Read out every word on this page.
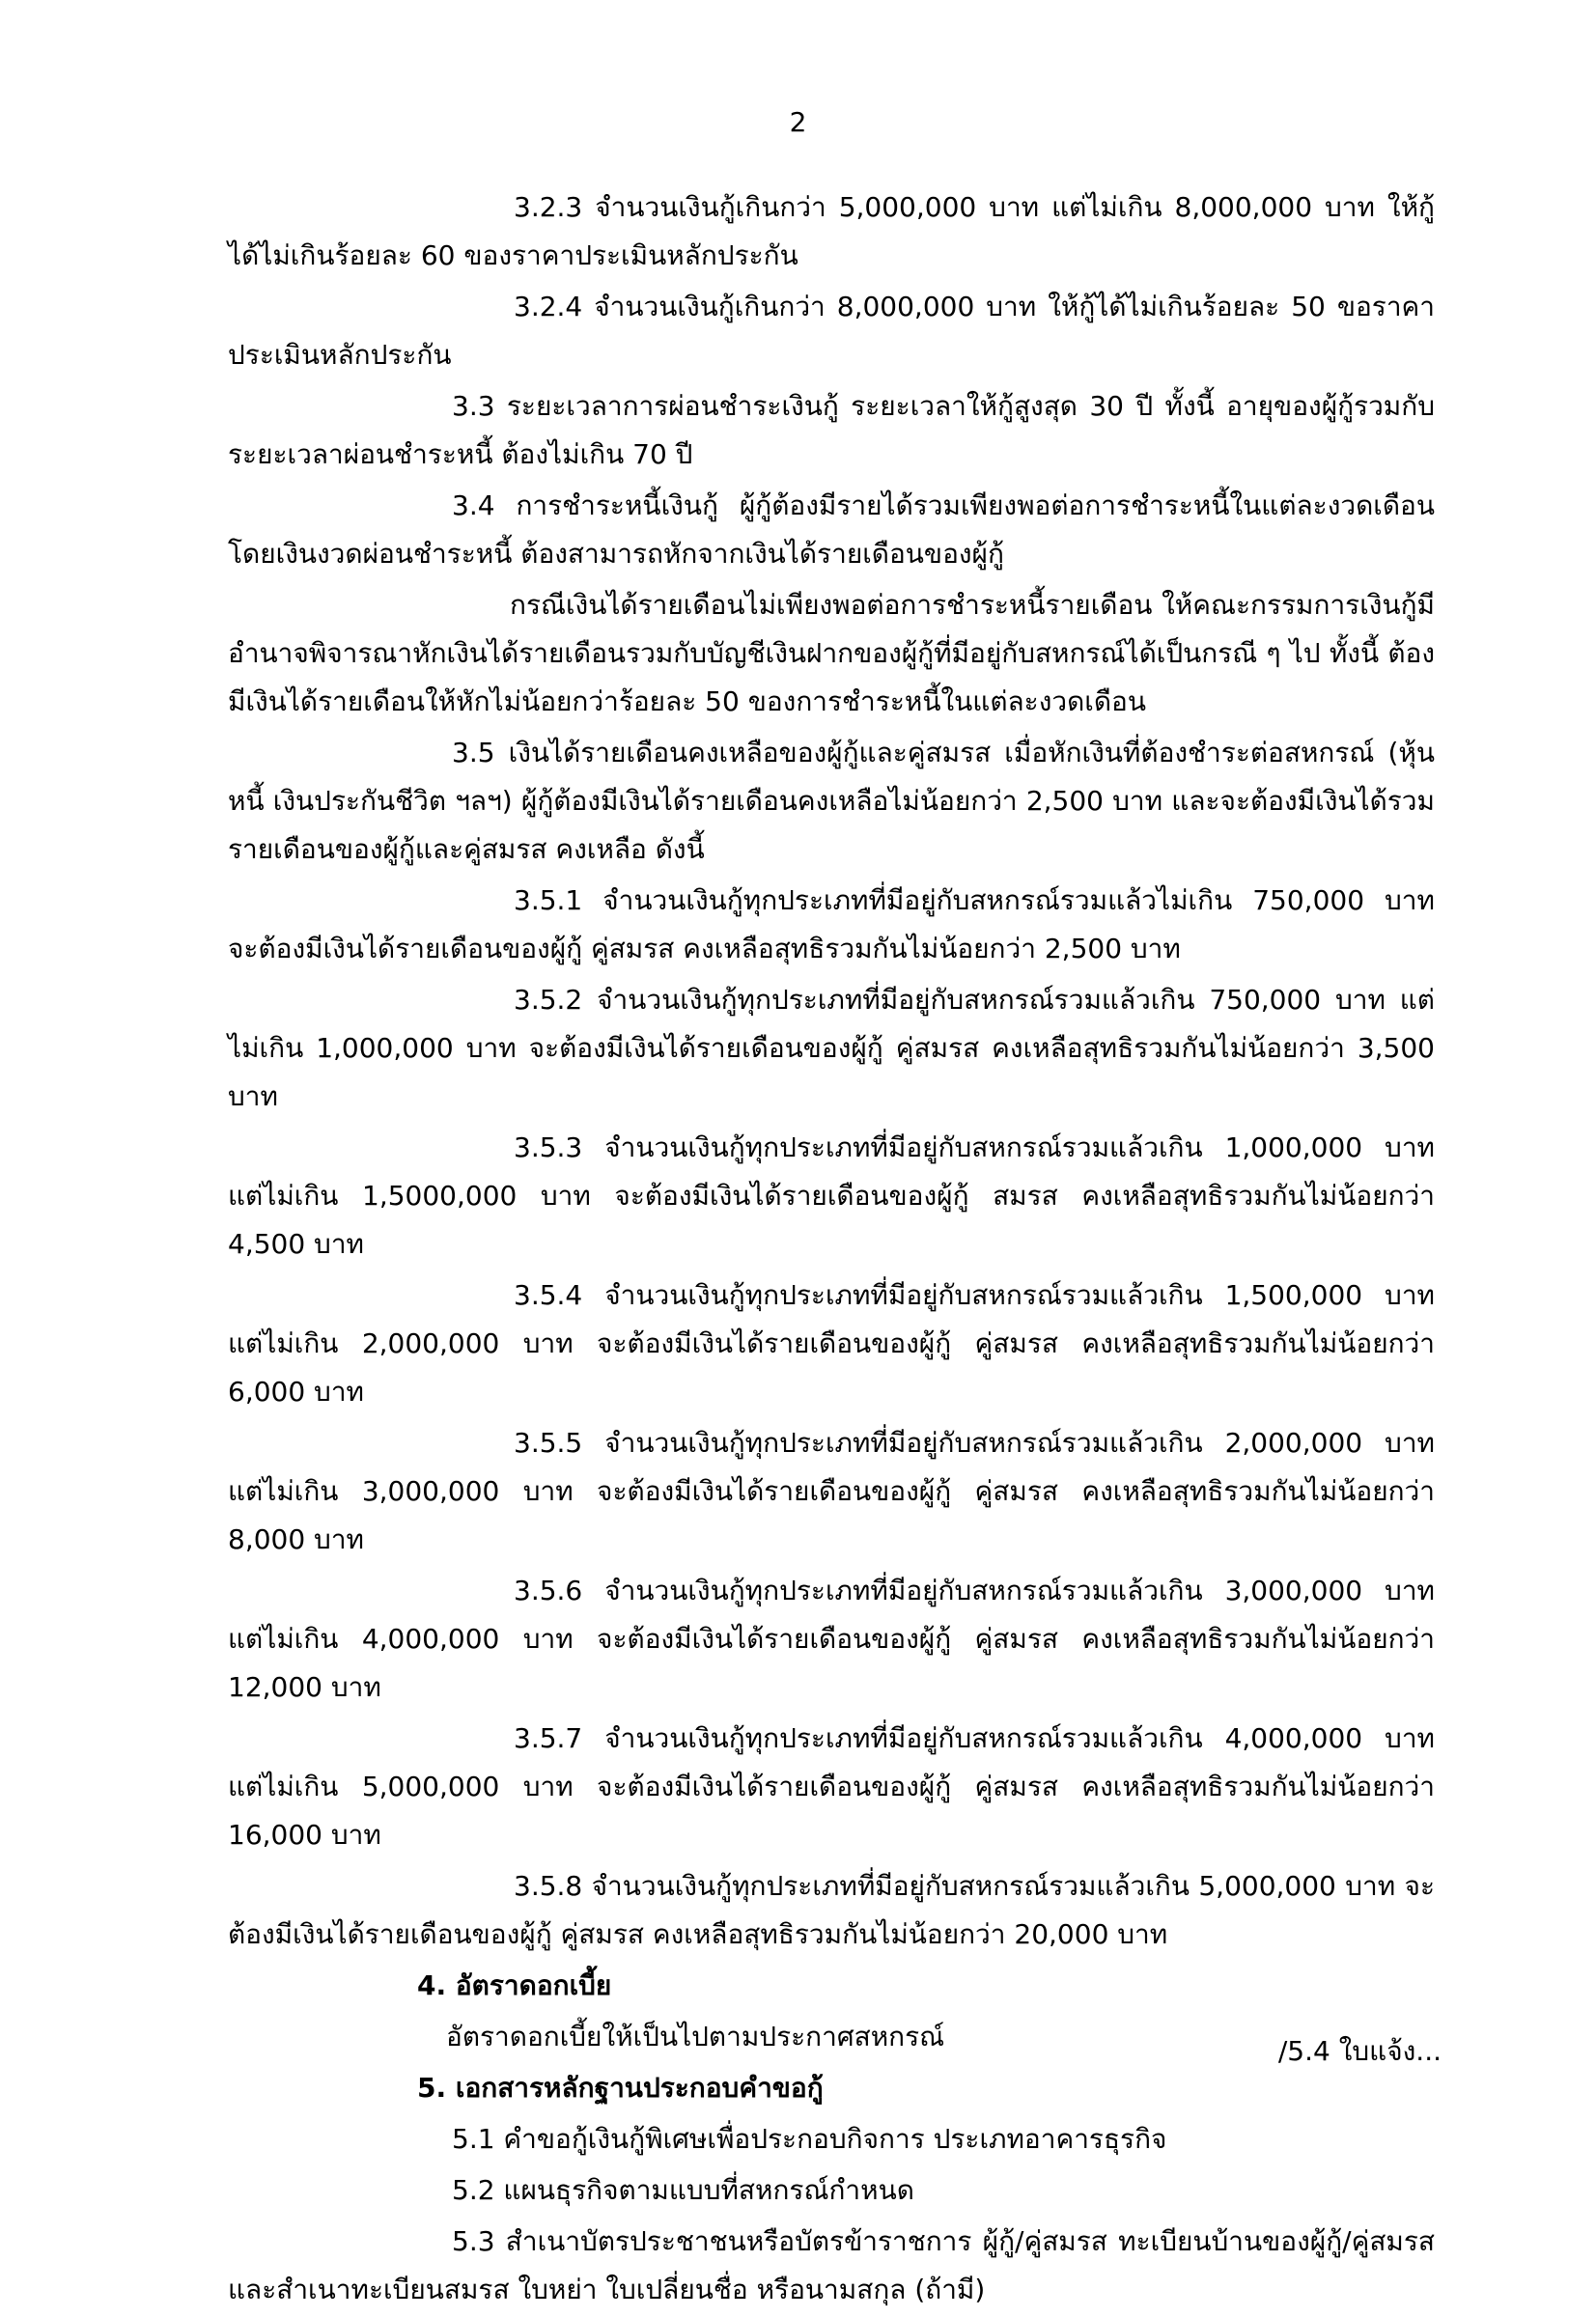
2

3.2.3 จำนวนเงินกู้เกินกว่า 5,000,000 บาท แต่ไม่เกิน 8,000,000 บาท ให้กู้ได้ไม่เกินร้อยละ 60 ของราคาประเมินหลักประกัน

3.2.4 จำนวนเงินกู้เกินกว่า 8,000,000 บาท ให้กู้ได้ไม่เกินร้อยละ 50 ขอราคาประเมินหลักประกัน

3.3 ระยะเวลาการผ่อนชำระเงินกู้ ระยะเวลาให้กู้สูงสุด 30 ปี ทั้งนี้ อายุของผู้กู้รวมกับระยะเวลาผ่อนชำระหนี้ ต้องไม่เกิน 70 ปี

3.4 การชำระหนี้เงินกู้ ผู้กู้ต้องมีรายได้รวมเพียงพอต่อการชำระหนี้ในแต่ละงวดเดือน โดยเงินงวดผ่อนชำระหนี้ ต้องสามารถหักจากเงินได้รายเดือนของผู้กู้

กรณีเงินได้รายเดือนไม่เพียงพอต่อการชำระหนี้รายเดือน ให้คณะกรรมการเงินกู้มีอำนาจพิจารณาหักเงินได้รายเดือนรวมกับบัญชีเงินฝากของผู้กู้ที่มีอยู่กับสหกรณ์ได้เป็นกรณี ๆ ไป ทั้งนี้ ต้องมีเงินได้รายเดือนให้หักไม่น้อยกว่าร้อยละ 50 ของการชำระหนี้ในแต่ละงวดเดือน

3.5 เงินได้รายเดือนคงเหลือของผู้กู้และคู่สมรส เมื่อหักเงินที่ต้องชำระต่อสหกรณ์ (หุ้น หนี้ เงินประกันชีวิต ฯลฯ) ผู้กู้ต้องมีเงินได้รายเดือนคงเหลือไม่น้อยกว่า 2,500 บาท และจะต้องมีเงินได้รวมรายเดือนของผู้กู้และคู่สมรส คงเหลือ ดังนี้

3.5.1 จำนวนเงินกู้ทุกประเภทที่มีอยู่กับสหกรณ์รวมแล้วไม่เกิน 750,000 บาท จะต้องมีเงินได้รายเดือนของผู้กู้ คู่สมรส คงเหลือสุทธิรวมกันไม่น้อยกว่า 2,500 บาท

3.5.2 จำนวนเงินกู้ทุกประเภทที่มีอยู่กับสหกรณ์รวมแล้วเกิน 750,000 บาท แต่ไม่เกิน 1,000,000 บาท จะต้องมีเงินได้รายเดือนของผู้กู้ คู่สมรส คงเหลือสุทธิรวมกันไม่น้อยกว่า 3,500 บาท

3.5.3 จำนวนเงินกู้ทุกประเภทที่มีอยู่กับสหกรณ์รวมแล้วเกิน 1,000,000 บาท แต่ไม่เกิน 1,5000,000 บาท จะต้องมีเงินได้รายเดือนของผู้กู้ สมรส คงเหลือสุทธิรวมกันไม่น้อยกว่า 4,500 บาท

3.5.4 จำนวนเงินกู้ทุกประเภทที่มีอยู่กับสหกรณ์รวมแล้วเกิน 1,500,000 บาท แต่ไม่เกิน 2,000,000 บาท จะต้องมีเงินได้รายเดือนของผู้กู้ คู่สมรส คงเหลือสุทธิรวมกันไม่น้อยกว่า 6,000 บาท

3.5.5 จำนวนเงินกู้ทุกประเภทที่มีอยู่กับสหกรณ์รวมแล้วเกิน 2,000,000 บาท แต่ไม่เกิน 3,000,000 บาท จะต้องมีเงินได้รายเดือนของผู้กู้ คู่สมรส คงเหลือสุทธิรวมกันไม่น้อยกว่า 8,000 บาท

3.5.6 จำนวนเงินกู้ทุกประเภทที่มีอยู่กับสหกรณ์รวมแล้วเกิน 3,000,000 บาท แต่ไม่เกิน 4,000,000 บาท จะต้องมีเงินได้รายเดือนของผู้กู้ คู่สมรส คงเหลือสุทธิรวมกันไม่น้อยกว่า 12,000 บาท

3.5.7 จำนวนเงินกู้ทุกประเภทที่มีอยู่กับสหกรณ์รวมแล้วเกิน 4,000,000 บาท แต่ไม่เกิน 5,000,000 บาท จะต้องมีเงินได้รายเดือนของผู้กู้ คู่สมรส คงเหลือสุทธิรวมกันไม่น้อยกว่า 16,000 บาท

3.5.8 จำนวนเงินกู้ทุกประเภทที่มีอยู่กับสหกรณ์รวมแล้วเกิน 5,000,000 บาท จะต้องมีเงินได้รายเดือนของผู้กู้ คู่สมรส คงเหลือสุทธิรวมกันไม่น้อยกว่า 20,000 บาท

4. อัตราดอกเบี้ย

อัตราดอกเบี้ยให้เป็นไปตามประกาศสหกรณ์

5. เอกสารหลักฐานประกอบคำขอกู้

5.1 คำขอกู้เงินกู้พิเศษเพื่อประกอบกิจการ ประเภทอาคารธุรกิจ

5.2 แผนธุรกิจตามแบบที่สหกรณ์กำหนด

5.3 สำเนาบัตรประชาชนหรือบัตรข้าราชการ ผู้กู้/คู่สมรส ทะเบียนบ้านของผู้กู้/คู่สมรส และสำเนาทะเบียนสมรส ใบหย่า ใบเปลี่ยนชื่อ หรือนามสกุล (ถ้ามี)

/5.4 ใบแจ้ง...
